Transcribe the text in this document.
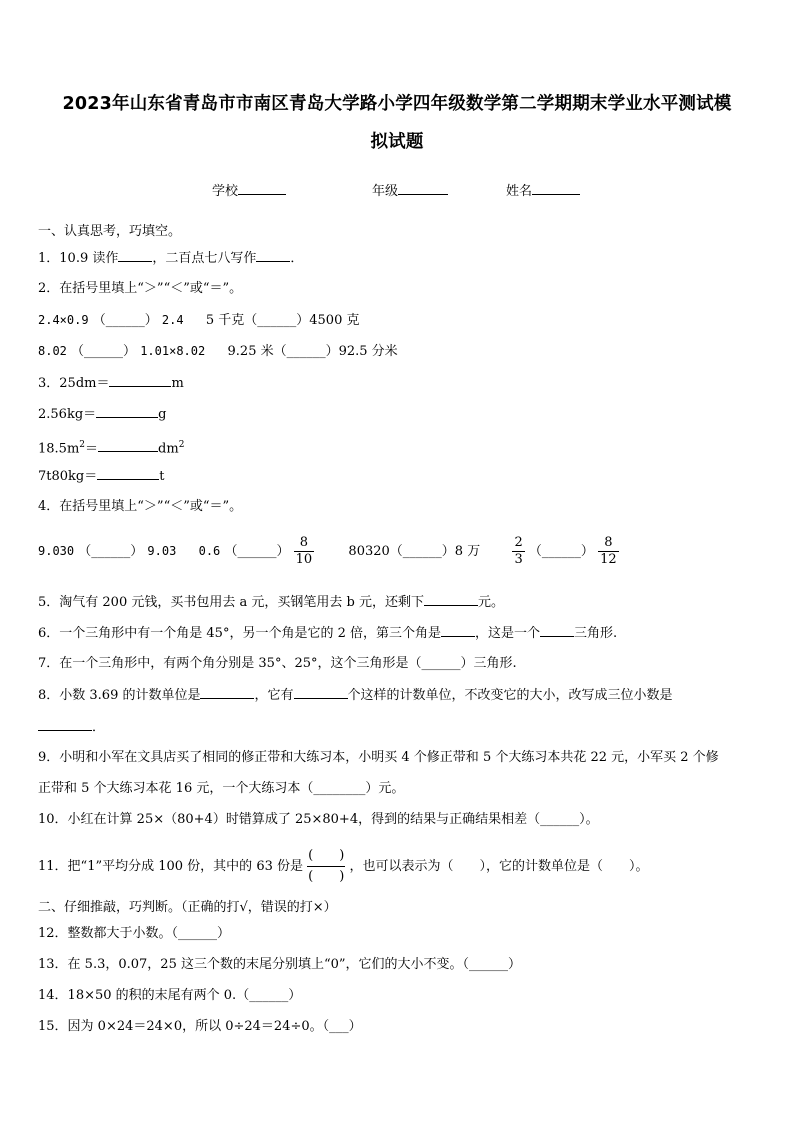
2023年山东省青岛市市南区青岛大学路小学四年级数学第二学期期末学业水平测试模
拟试题
学校	年级	姓名
一、认真思考，巧填空。
1．10.9 读作	，二百点七八写作	．
2．在括号里填上“＞”“＜”或“＝”。
2.4×0.9 （______） 2.4 5 千克（______）4500 克
8.02 （______） 1.01×8.02 9.25 米（______）92.5 分米
3．25dm＝	m
2.56kg＝	g
$18.5m^2=$	$dm^2$
7t80kg＝	t
4．在括号里填上“＞”“＜”或“＝”。
9.030 （______） 9.03 0.6 （______） $\frac{8}{10}$	80320（______）8 万 $\frac{2}{3}$ （______） $\frac{8}{12}$
5．淘气有 200 元钱，买书包用去 a 元，买钢笔用去 b 元，还剩下	元。
6．一个三角形中有一个角是 45°，另一个角是它的 2 倍，第三个角是	，这是一个	三角形.
7．在一个三角形中，有两个角分别是 35°、25°，这个三角形是（______）三角形.
8．小数 3.69 的计数单位是	，它有	个这样的计数单位，不改变它的大小，改写成三位小数是
．
9．小明和小军在文具店买了相同的修正带和大练习本，小明买 4 个修正带和 5 个大练习本共花 22 元，小军买 2 个修
正带和 5 个大练习本花 16 元，一个大练习本（________）元。
10．小红在计算 25×（80+4）时错算成了 25×80+4，得到的结果与正确结果相差（______）。
11．把“1”平均分成 100 份，其中的 63 份是 $\frac{( )}{( )}$ ，也可以表示为（　　），它的计数单位是（　　）。
二、仔细推敲，巧判断。（正确的打√，错误的打×）
12．整数都大于小数。（______）
13．在 5.3，0.07，25 这三个数的末尾分别填上“0”，它们的大小不变。（______）
14．18×50 的积的末尾有两个 0.（______）
15．因为 0×24＝24×0，所以 0÷24＝24÷0。（___）
